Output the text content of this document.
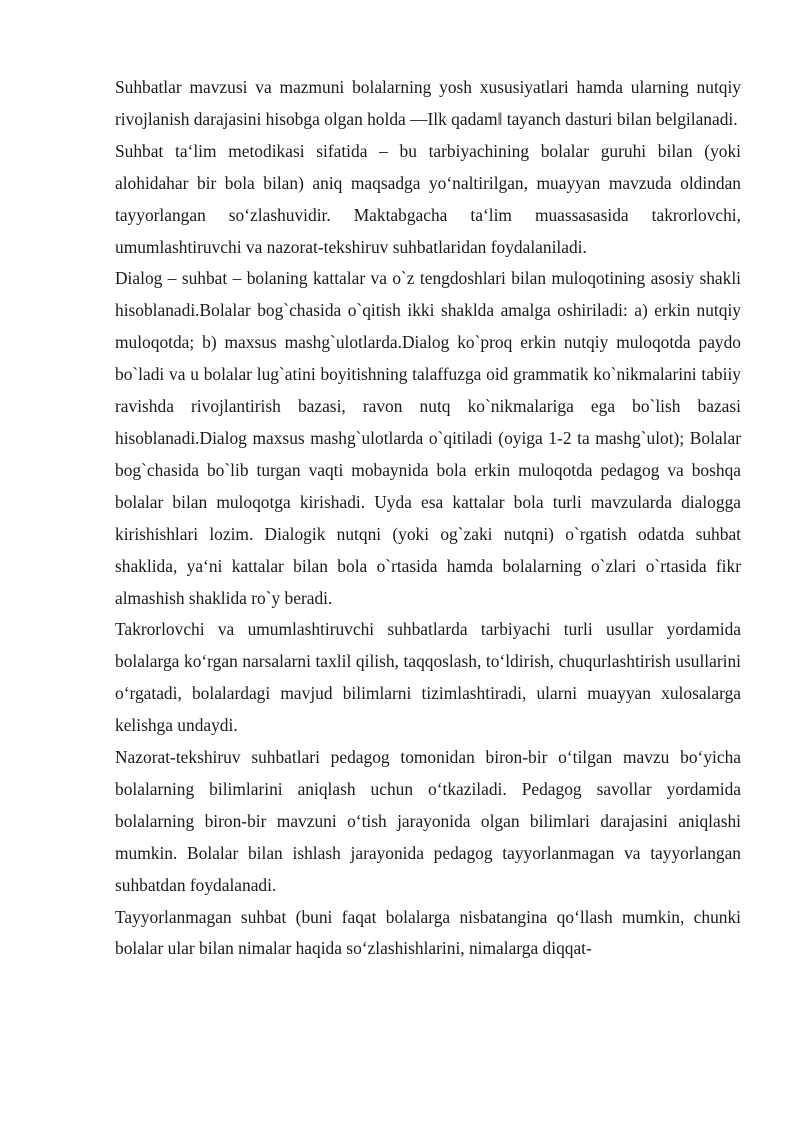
Suhbatlar mavzusi va mazmuni bolalarning yosh xususiyatlari hamda ularning nutqiy rivojlanish darajasini hisobga olgan holda ―Ilk qadam‖ tayanch dasturi bilan belgilanadi.

Suhbat ta‘lim metodikasi sifatida – bu tarbiyachining bolalar guruhi bilan (yoki alohidahar bir bola bilan) aniq maqsadga yo‘naltirilgan, muayyan mavzuda oldindan tayyorlangan so‘zlashuvidir. Maktabgacha ta‘lim muassasasida takrorlovchi, umumlashtiruvchi va nazorat-tekshiruv suhbatlaridan foydalaniladi.

Dialog – suhbat – bolaning kattalar va o`z tengdoshlari bilan muloqotining asosiy shakli hisoblanadi.Bolalar bog`chasida o`qitish ikki shaklda amalga oshiriladi: a) erkin nutqiy muloqotda; b) maxsus mashg`ulotlarda.Dialog ko`proq erkin nutqiy muloqotda paydo bo`ladi va u bolalar lug`atini boyitishning talaffuzga oid grammatik ko`nikmalarini tabiiy ravishda rivojlantirish bazasi, ravon nutq ko`nikmalariga ega bo`lish bazasi hisoblanadi.Dialog maxsus mashg`ulotlarda o`qitiladi (oyiga 1-2 ta mashg`ulot); Bolalar bog`chasida bo`lib turgan vaqti mobaynida bola erkin muloqotda pedagog va boshqa bolalar bilan muloqotga kirishadi. Uyda esa kattalar bola turli mavzularda dialogga kirishishlari lozim. Dialogik nutqni (yoki og`zaki nutqni) o`rgatish odatda suhbat shaklida, ya‘ni kattalar bilan bola o`rtasida hamda bolalarning o`zlari o`rtasida fikr almashish shaklida ro`y beradi.

Takrorlovchi va umumlashtiruvchi suhbatlarda tarbiyachi turli usullar yordamida bolalarga ko‘rgan narsalarni taxlil qilish, taqqoslash, to‘ldirish, chuqurlashtirish usullarini o‘rgatadi, bolalardagi mavjud bilimlarni tizimlashtiradi, ularni muayyan xulosalarga kelishga undaydi.

Nazorat-tekshiruv suhbatlari pedagog tomonidan biron-bir o‘tilgan mavzu bo‘yicha bolalarning bilimlarini aniqlash uchun o‘tkaziladi. Pedagog savollar yordamida bolalarning biron-bir mavzuni o‘tish jarayonida olgan bilimlari darajasini aniqlashi mumkin. Bolalar bilan ishlash jarayonida pedagog tayyorlanmagan va tayyorlangan suhbatdan foydalanadi.

Tayyorlanmagan suhbat (buni faqat bolalarga nisbatangina qo‘llash mumkin, chunki bolalar ular bilan nimalar haqida so‘zlashishlarini, nimalarga diqqat-
